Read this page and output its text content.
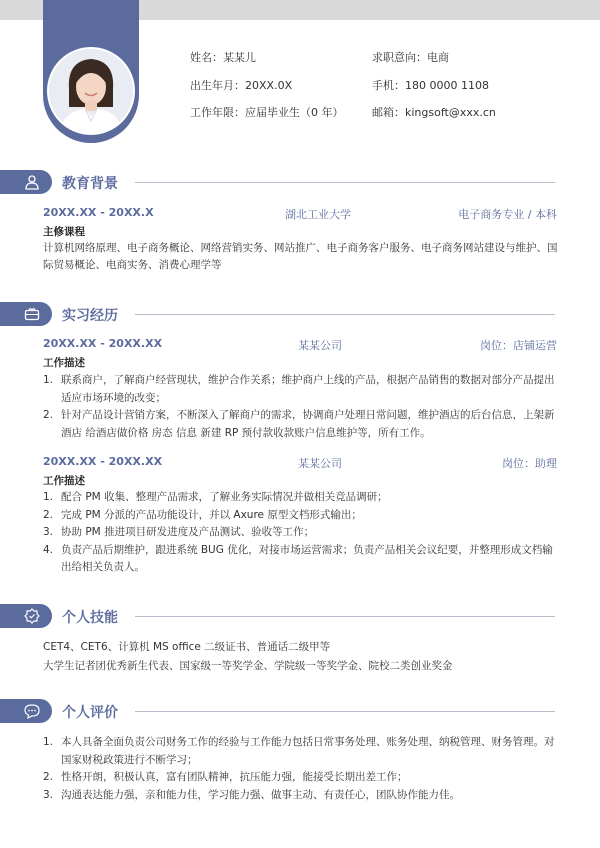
姓名：某某儿
出生年月：20XX.0X
工作年限：应届毕业生（0 年）
求职意向：电商
手机：180 0000 1108
邮箱：kingsoft@xxx.cn
教育背景
20XX.XX - 20XX.X	湖北工业大学	电子商务专业 / 本科
主修课程
计算机网络原理、电子商务概论、网络营销实务、网站推广、电子商务客户服务、电子商务网站建设与维护、国际贸易概论、电商实务、消费心理学等
实习经历
20XX.XX - 20XX.XX	某某公司	岗位：店铺运营
工作描述
1. 联系商户，了解商户经营现状，维护合作关系；维护商户上线的产品，根据产品销售的数据对部分产品提出适应市场环境的改变；
2. 针对产品设计营销方案，不断深入了解商户的需求，协调商户处理日常问题，维护酒店的后台信息，上架新酒店 给酒店做价格 房态 信息 新建 RP 预付款收款账户信息维护等，所有工作。
20XX.XX - 20XX.XX	某某公司	岗位：助理
工作描述
1. 配合 PM 收集、整理产品需求，了解业务实际情况并做相关竞品调研；
2. 完成 PM 分派的产品功能设计，并以 Axure 原型文档形式输出；
3. 协助 PM 推进项目研发进度及产品测试、验收等工作；
4. 负责产品后期维护，跟进系统 BUG 优化，对接市场运营需求；负责产品相关会议纪要，并整理形成文档输出给相关负责人。
个人技能
CET4、CET6、计算机 MS office 二级证书、普通话二级甲等
大学生记者团优秀新生代表、国家级一等奖学金、学院级一等奖学金、院校二类创业奖金
个人评价
1. 本人具备全面负责公司财务工作的经验与工作能力包括日常事务处理、账务处理、纳税管理、财务管理。对国家财税政策进行不断学习；
2. 性格开朗，积极认真，富有团队精神，抗压能力强，能接受长期出差工作；
3. 沟通表达能力强，亲和能力佳，学习能力强、做事主动、有责任心，团队协作能力佳。
